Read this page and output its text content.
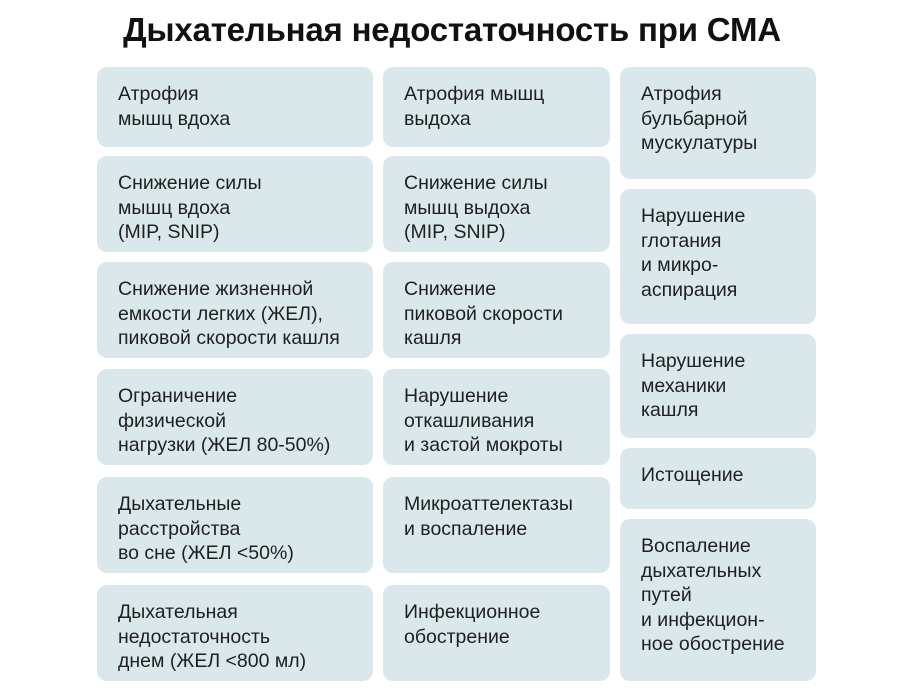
Дыхательная недостаточность при СМА
Атрофия
мышц вдоха
Снижение силы
мышц вдоха
(MIP, SNIP)
Снижение жизненной
емкости легких (ЖЕЛ),
пиковой скорости кашля
Ограничение
физической
нагрузки (ЖЕЛ 80-50%)
Дыхательные
расстройства
во сне (ЖЕЛ <50%)
Дыхательная
недостаточность
днем (ЖЕЛ <800 мл)
Атрофия мышц
выдоха
Снижение силы
мышц выдоха
(MIP, SNIP)
Снижение
пиковой скорости
кашля
Нарушение
откашливания
и застой мокроты
Микроаттелектазы
и воспаление
Инфекционное
обострение
Атрофия
бульбарной
мускулатуры
Нарушение
глотания
и микро-
аспирация
Нарушение
механики
кашля
Истощение
Воспаление
дыхательных
путей
и инфекцион-
ное обострение
